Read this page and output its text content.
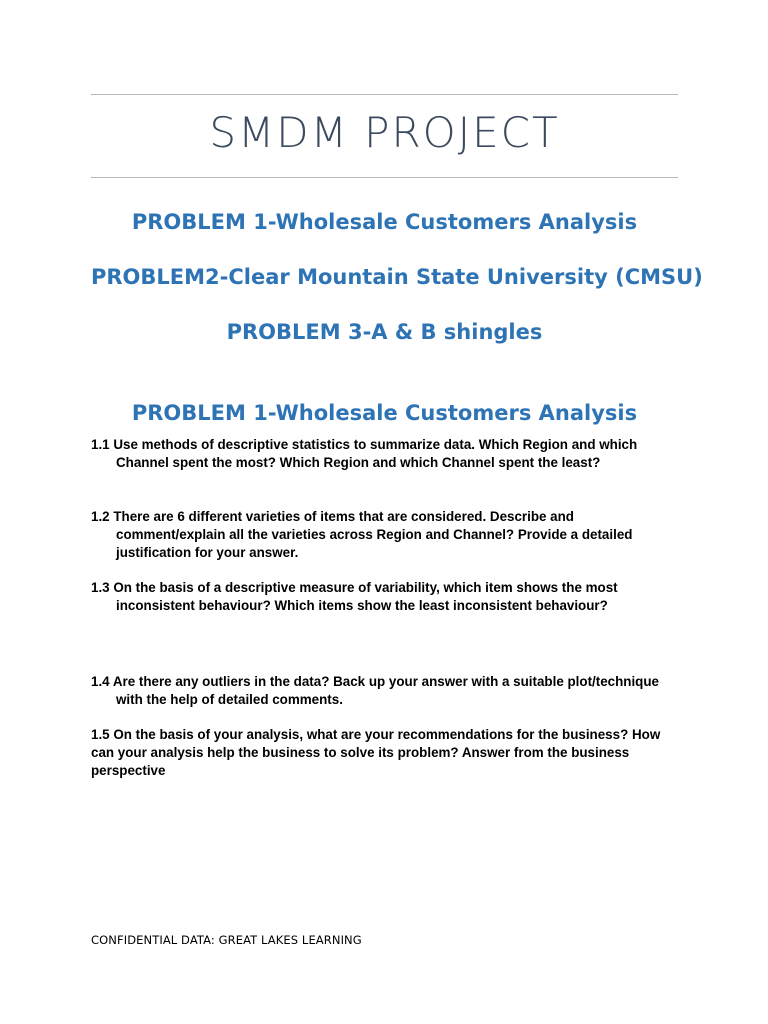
SMDM PROJECT
PROBLEM 1-Wholesale Customers Analysis
PROBLEM2-Clear Mountain State University (CMSU)
PROBLEM 3-A & B shingles
PROBLEM 1-Wholesale Customers Analysis
1.1 Use methods of descriptive statistics to summarize data. Which Region and which Channel spent the most? Which Region and which Channel spent the least?
1.2 There are 6 different varieties of items that are considered. Describe and comment/explain all the varieties across Region and Channel? Provide a detailed justification for your answer.
1.3 On the basis of a descriptive measure of variability, which item shows the most inconsistent behaviour? Which items show the least inconsistent behaviour?
1.4 Are there any outliers in the data? Back up your answer with a suitable plot/technique with the help of detailed comments.
1.5 On the basis of your analysis, what are your recommendations for the business? How can your analysis help the business to solve its problem? Answer from the business perspective
CONFIDENTIAL DATA: GREAT LAKES LEARNING
